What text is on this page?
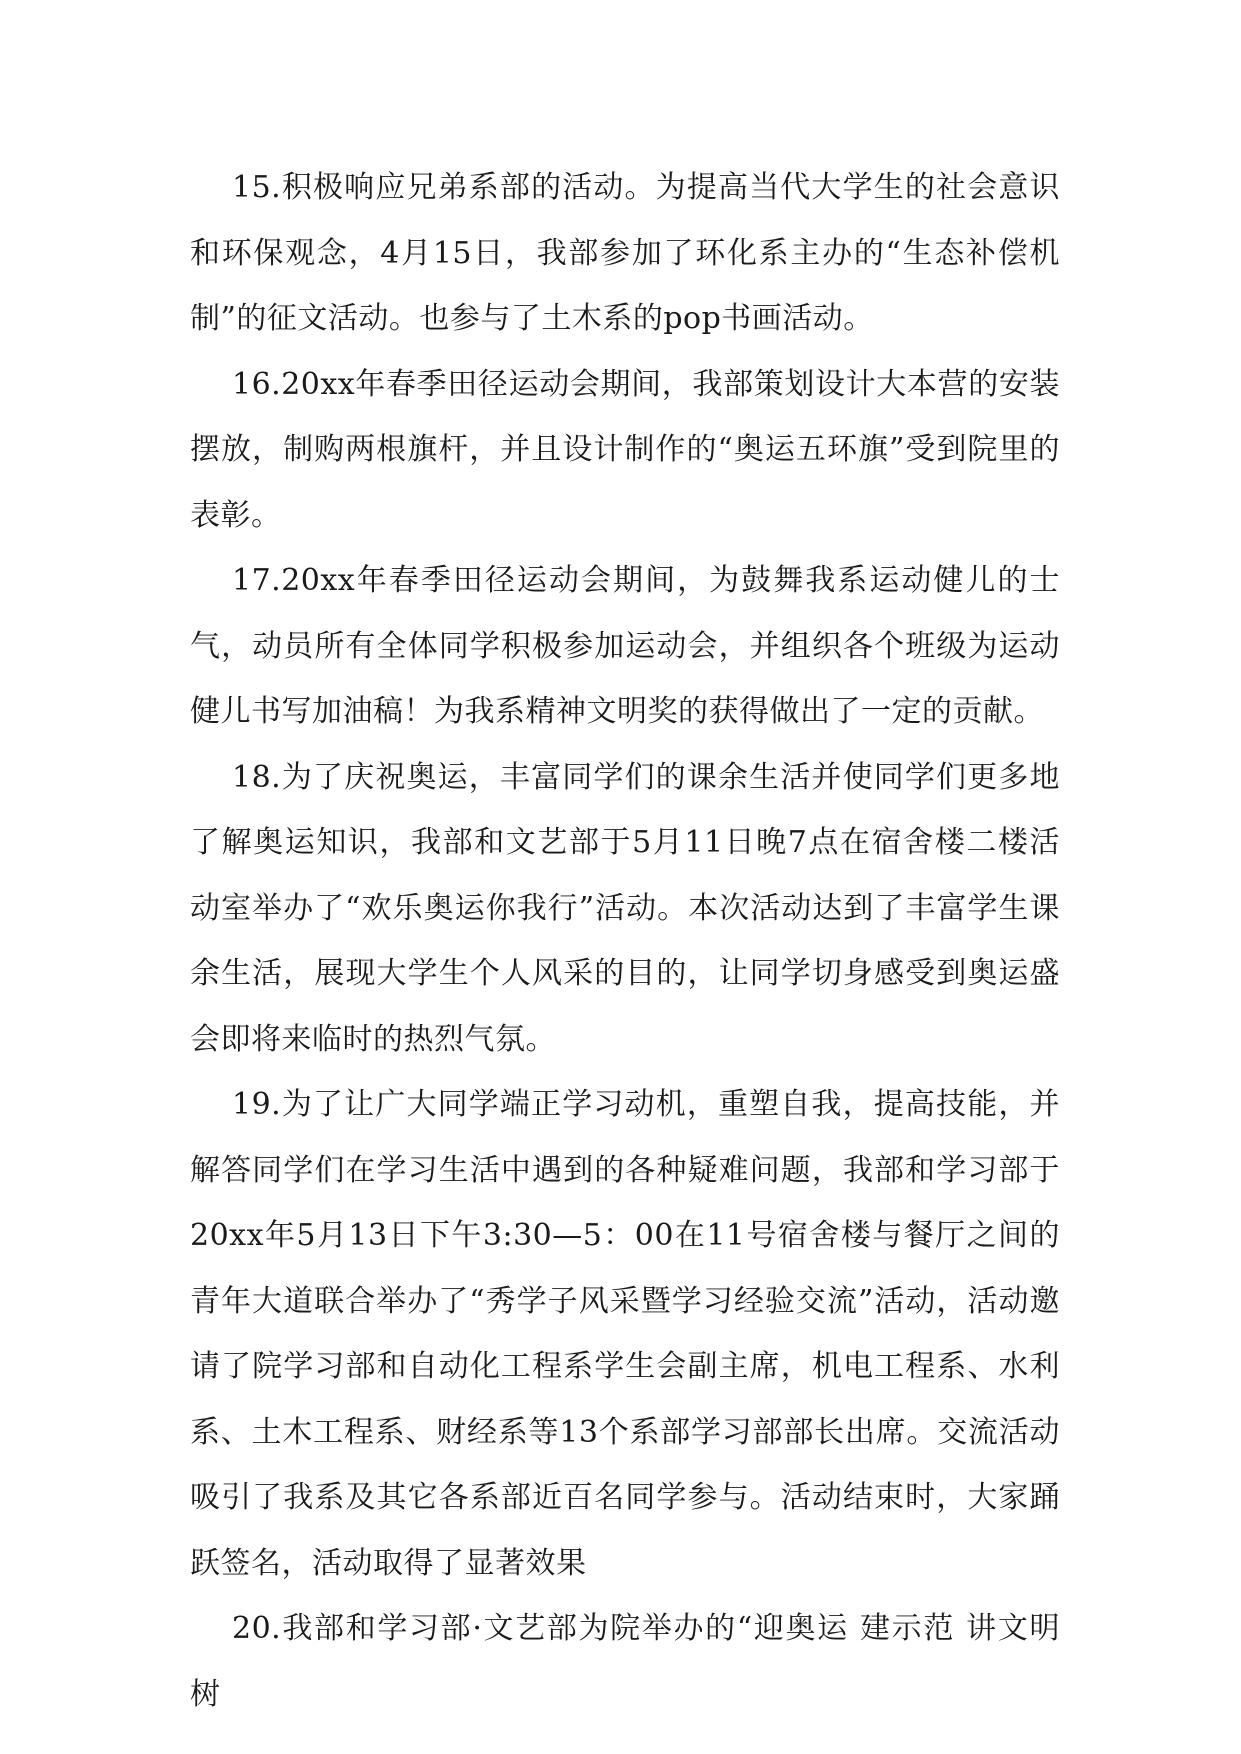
15.积极响应兄弟系部的活动。为提高当代大学生的社会意识和环保观念，4月15日，我部参加了环化系主办的“生态补偿机制”的征文活动。也参与了土木系的pop书画活动。

16.20xx年春季田径运动会期间，我部策划设计大本营的安装摆放，制购两根旗杆，并且设计制作的“奥运五环旗”受到院里的表彰。

17.20xx年春季田径运动会期间，为鼓舞我系运动健儿的士气，动员所有全体同学积极参加运动会，并组织各个班级为运动健儿书写加油稿！为我系精神文明奖的获得做出了一定的贡献。

18.为了庆祝奥运，丰富同学们的课余生活并使同学们更多地了解奥运知识，我部和文艺部于5月11日晚7点在宿舍楼二楼活动室举办了“欢乐奥运你我行”活动。本次活动达到了丰富学生课余生活，展现大学生个人风采的目的，让同学切身感受到奥运盛会即将来临时的热烈气氛。

19.为了让广大同学端正学习动机，重塑自我，提高技能，并解答同学们在学习生活中遇到的各种疑难问题，我部和学习部于20xx年5月13日下午3:30—5：00在11号宿舍楼与餐厅之间的青年大道联合举办了“秀学子风采暨学习经验交流”活动，活动邀请了院学习部和自动化工程系学生会副主席，机电工程系、水利系、土木工程系、财经系等13个系部学习部部长出席。交流活动吸引了我系及其它各系部近百名同学参与。活动结束时，大家踊跃签名，活动取得了显著效果

20.我部和学习部·文艺部为院举办的“迎奥运 建示范 讲文明 树
